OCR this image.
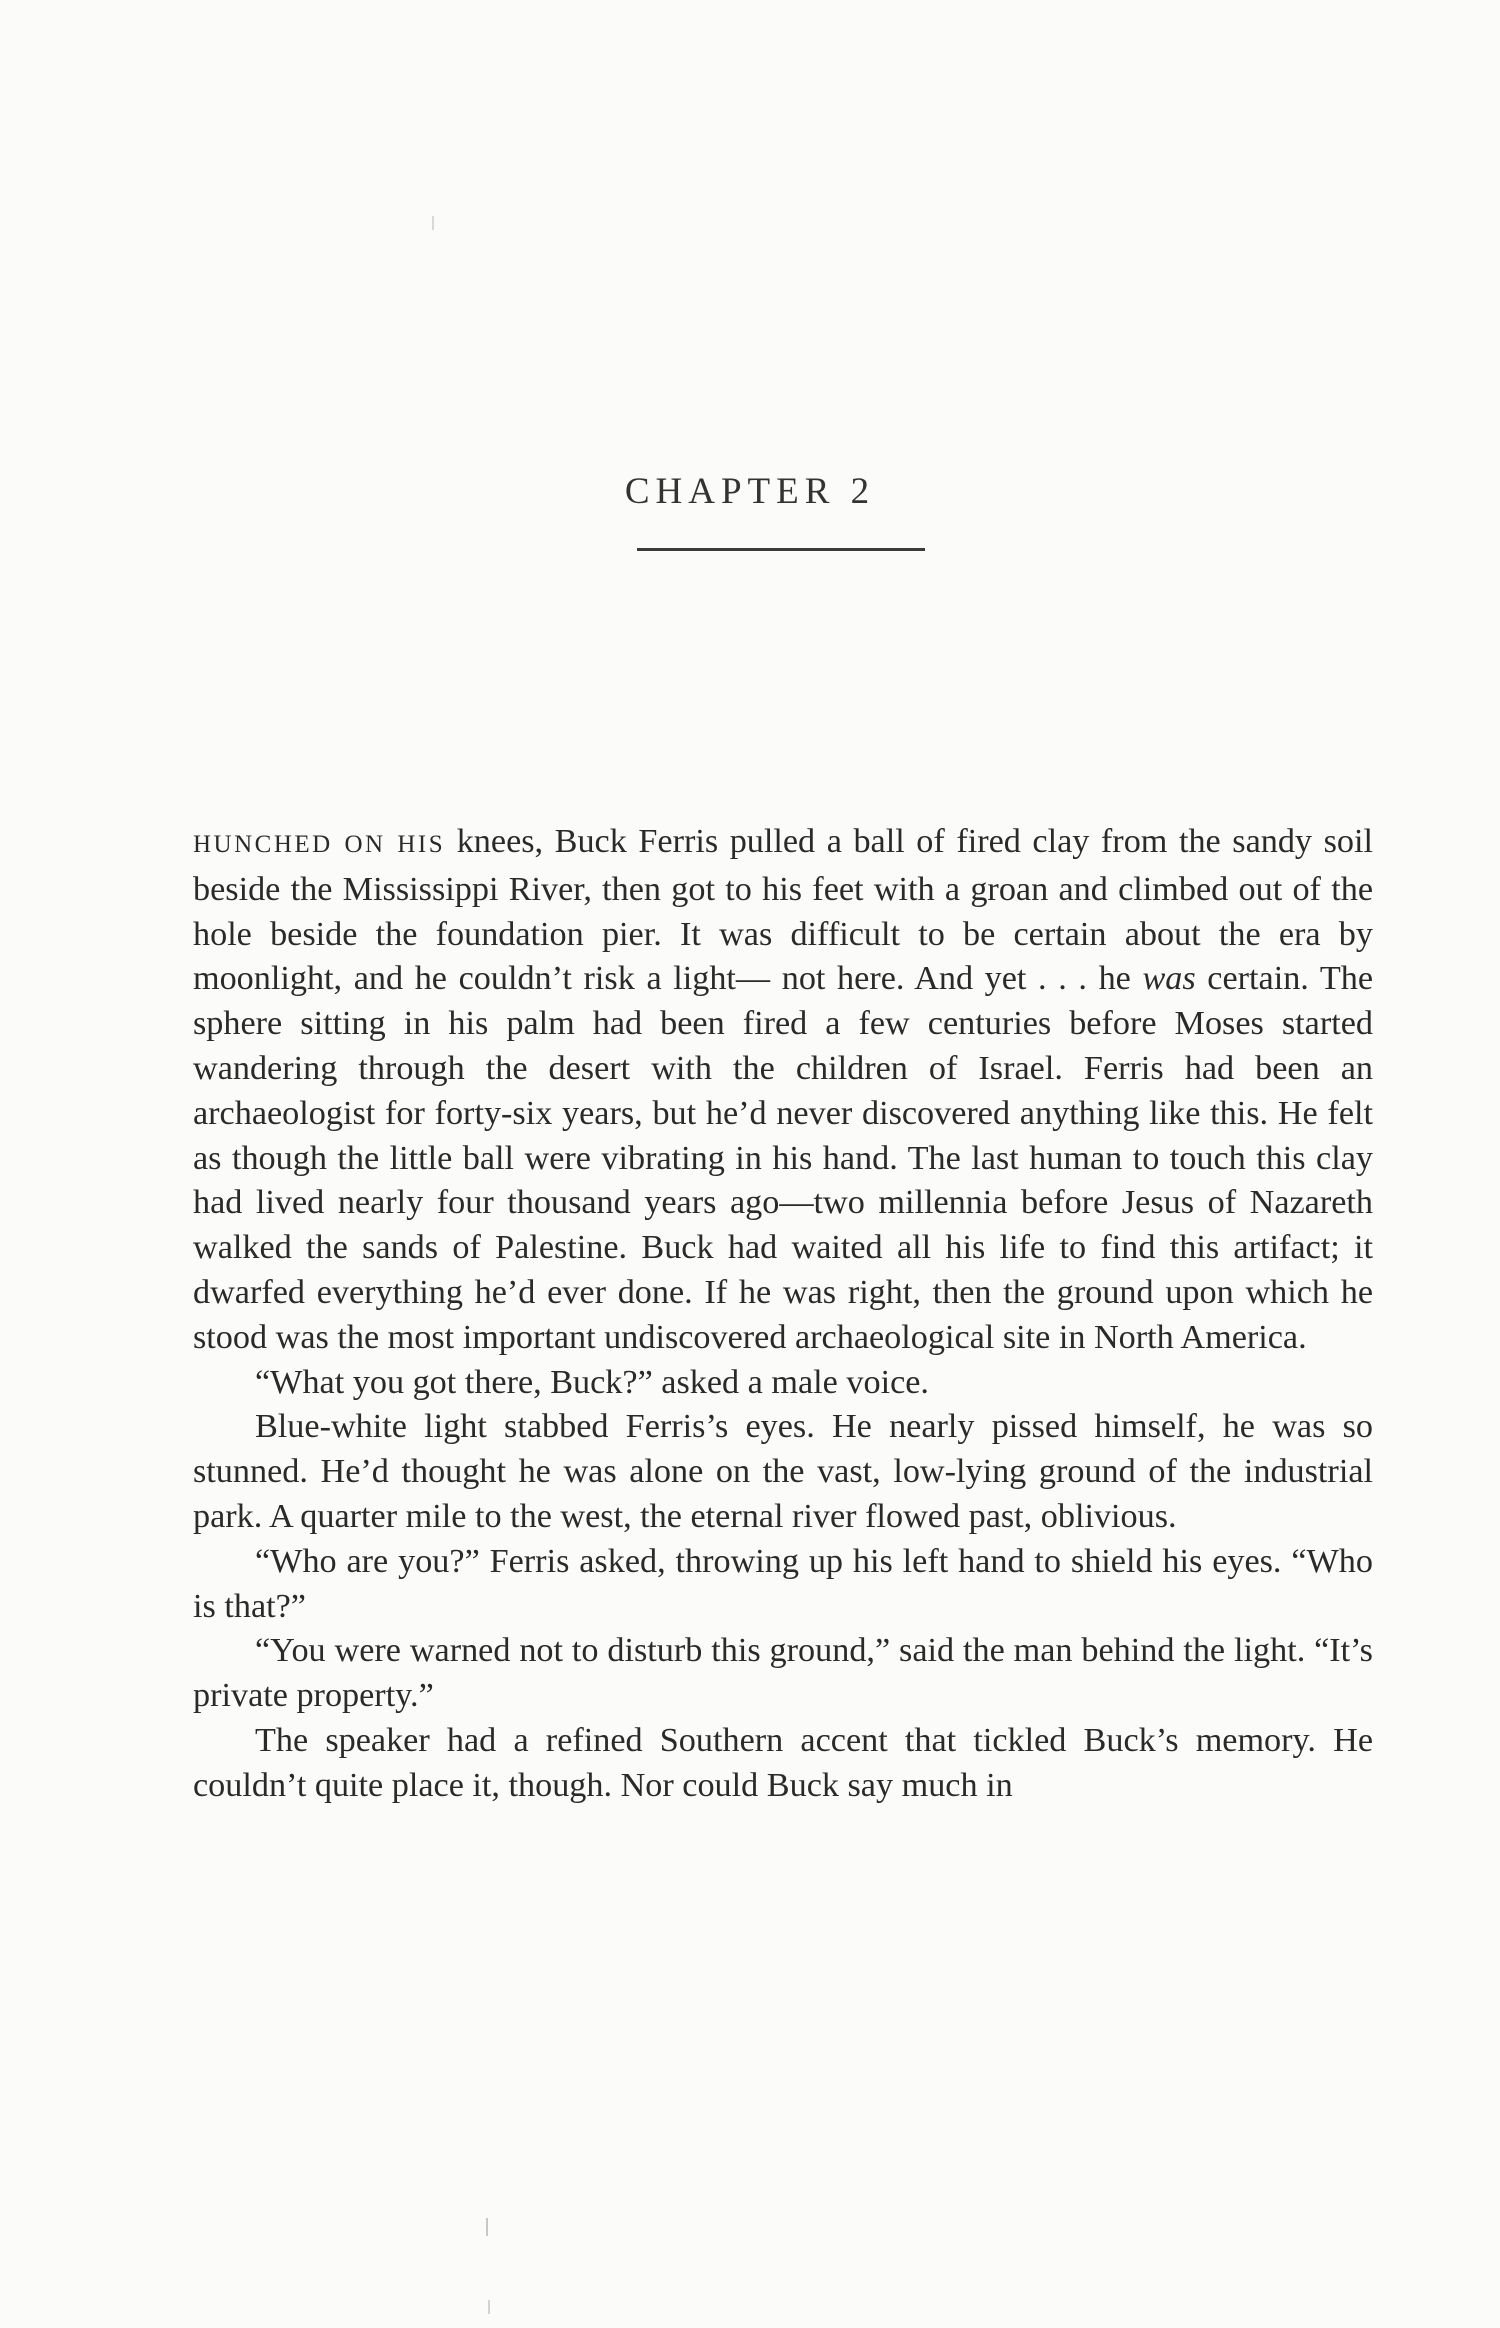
CHAPTER 2

HUNCHED ON HIS knees, Buck Ferris pulled a ball of fired clay from the sandy soil beside the Mississippi River, then got to his feet with a groan and climbed out of the hole beside the foundation pier. It was difficult to be certain about the era by moonlight, and he couldn’t risk a light— not here. And yet . . . he was certain. The sphere sitting in his palm had been fired a few centuries before Moses started wandering through the desert with the children of Israel. Ferris had been an archaeologist for forty-six years, but he’d never discovered anything like this. He felt as though the little ball were vibrating in his hand. The last human to touch this clay had lived nearly four thousand years ago—two millennia before Jesus of Nazareth walked the sands of Palestine. Buck had waited all his life to find this artifact; it dwarfed everything he’d ever done. If he was right, then the ground upon which he stood was the most important undiscovered archaeological site in North America.

“What you got there, Buck?” asked a male voice.

Blue-white light stabbed Ferris’s eyes. He nearly pissed himself, he was so stunned. He’d thought he was alone on the vast, low-lying ground of the industrial park. A quarter mile to the west, the eternal river flowed past, oblivious.

“Who are you?” Ferris asked, throwing up his left hand to shield his eyes. “Who is that?”

“You were warned not to disturb this ground,” said the man behind the light. “It’s private property.”

The speaker had a refined Southern accent that tickled Buck’s memory. He couldn’t quite place it, though. Nor could Buck say much in
